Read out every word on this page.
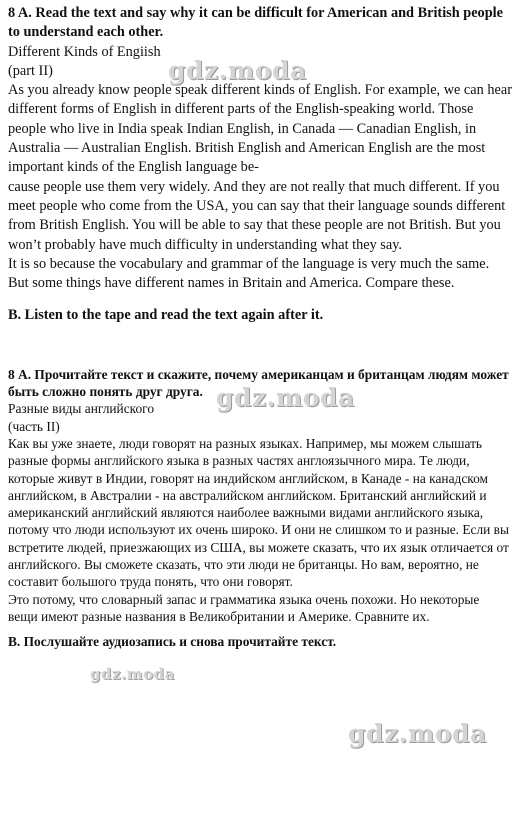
8 A. Read the text and say why it can be difficult for American and British people to understand each other.

Different Kinds of Engiish

(part II)

As you already know people speak different kinds of English. For example, we can hear different forms of English in different parts of the English-speaking world. Those people who live in India speak Indian English, in Canada — Canadian English, in Australia — Australian English. British English and American English are the most important kinds of the English language be-

cause people use them very widely. And they are not really that much different. If you meet people who come from the USA, you can say that their language sounds different from British English. You will be able to say that these people are not British. But you won’t probably have much difficulty in understanding what they say.

It is so because the vocabulary and grammar of the language is very much the same. But some things have different names in Britain and America. Compare these.

B. Listen to the tape and read the text again after it.

8 А. Прочитайте текст и скажите, почему американцам и британцам людям может быть сложно понять друг друга.

Разные виды английского

(часть II)

Как вы уже знаете, люди говорят на разных языках. Например, мы можем слышать разные формы английского языка в разных частях англоязычного мира. Те люди, которые живут в Индии, говорят на индийском английском, в Канаде - на канадском английском, в Австралии - на австралийском английском. Британский английский и американский английский являются наиболее важными видами английского языка,

потому что люди используют их очень широко. И они не слишком то и разные. Если вы встретите людей, приезжающих из США, вы можете сказать, что их язык отличается от английского. Вы сможете сказать, что эти люди не британцы. Но вам, вероятно, не составит большого труда понять, что они говорят.

Это потому, что словарный запас и грамматика языка очень похожи. Но некоторые вещи имеют разные названия в Великобритании и Америке. Сравните их.

В. Послушайте аудиозапись и снова прочитайте текст.

gdz.moda
gdz.moda
gdz.moda
gdz.moda
